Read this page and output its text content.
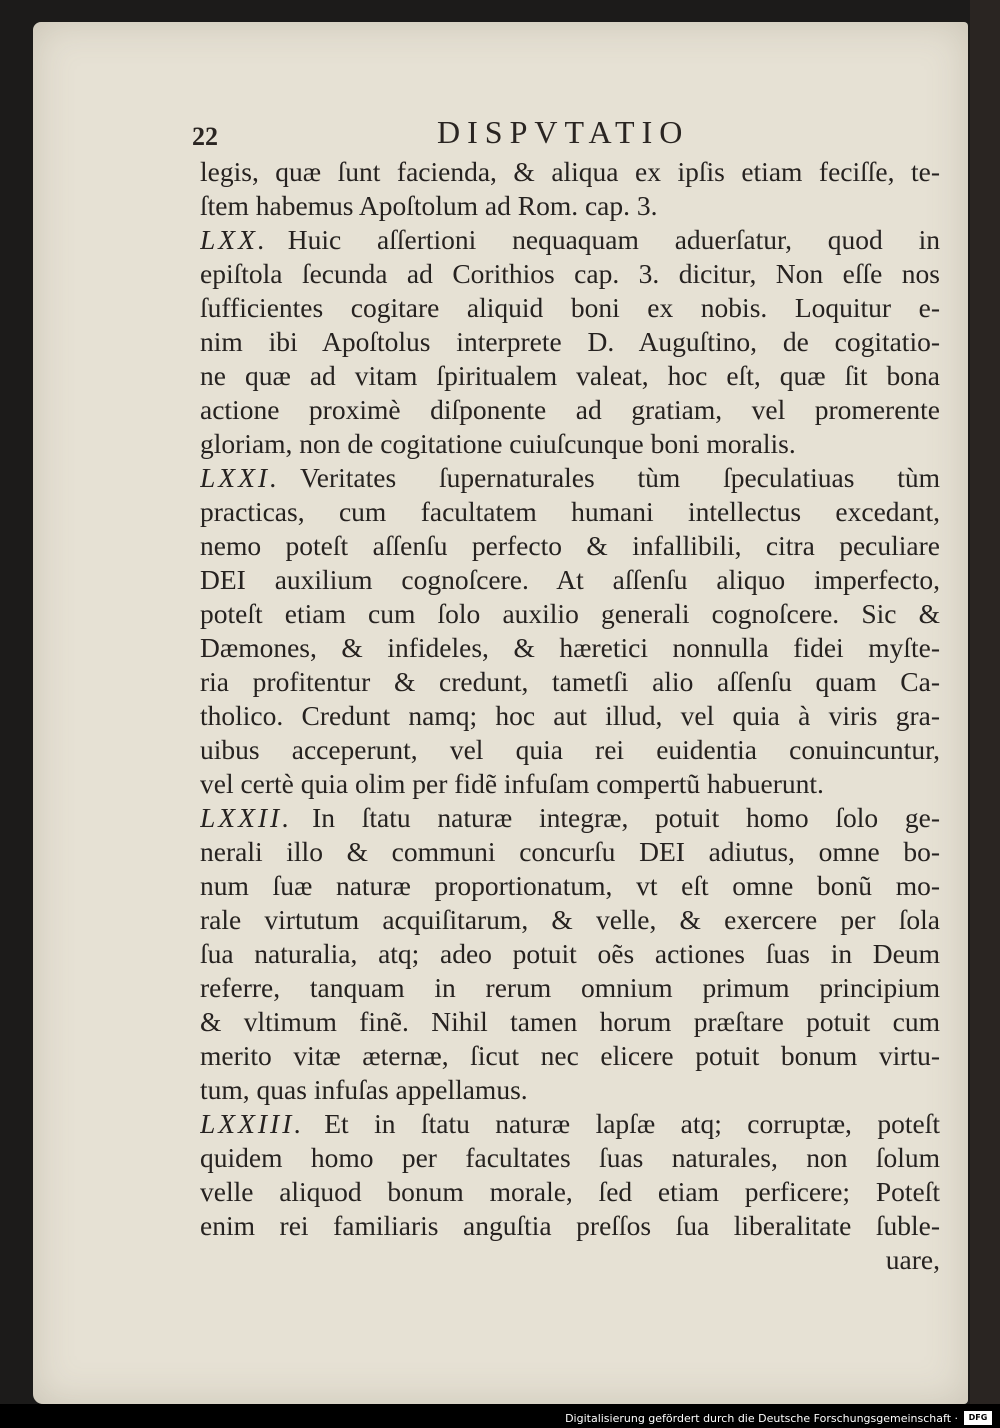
22	DISPVTATIO
legis, quæ ſunt facienda, & aliqua ex ipſis etiam feciſſe, te-
ſtem habemus Apoſtolum ad Rom. cap. 3.
LXX. Huic aſſertioni nequaquam aduerſatur, quod in
epiſtola ſecunda ad Corithios cap. 3. dicitur, Non eſſe nos
ſufficientes cogitare aliquid boni ex nobis. Loquitur e-
nim ibi Apoſtolus interprete D. Auguſtino, de cogitatio-
ne quæ ad vitam ſpiritualem valeat, hoc eſt, quæ ſit bona
actione proximè diſponente ad gratiam, vel promerente
gloriam, non de cogitatione cuiuſcunque boni moralis.
LXXI. Veritates ſupernaturales tùm ſpeculatiuas tùm
practicas, cum facultatem humani intellectus excedant,
nemo poteſt aſſenſu perfecto & infallibili, citra peculiare
DEI auxilium cognoſcere. At aſſenſu aliquo imperfecto,
poteſt etiam cum ſolo auxilio generali cognoſcere. Sic &
Dæmones, & infideles, & hæretici nonnulla fidei myſte-
ria profitentur & credunt, tametſi alio aſſenſu quam Ca-
tholico. Credunt namq; hoc aut illud, vel quia à viris gra-
uibus acceperunt, vel quia rei euidentia conuincuntur,
vel certè quia olim per fidẽ infuſam compertũ habuerunt.
LXXII. In ſtatu naturæ integræ, potuit homo ſolo ge-
nerali illo & communi concurſu DEI adiutus, omne bo-
num ſuæ naturæ proportionatum, vt eſt omne bonũ mo-
rale virtutum acquiſitarum, & velle, & exercere per ſola
ſua naturalia, atq; adeo potuit oẽs actiones ſuas in Deum
referre, tanquam in rerum omnium primum principium
& vltimum finẽ. Nihil tamen horum præſtare potuit cum
merito vitæ æternæ, ſicut nec elicere potuit bonum virtu-
tum, quas infuſas appellamus.
LXXIII. Et in ſtatu naturæ lapſæ atq; corruptæ, poteſt
quidem homo per facultates ſuas naturales, non ſolum
velle aliquod bonum morale, ſed etiam perficere; Poteſt
enim rei familiaris anguſtia preſſos ſua liberalitate ſuble-
uare,
Digitalisierung gefördert durch die Deutsche Forschungsgemeinschaft ·	DFG
